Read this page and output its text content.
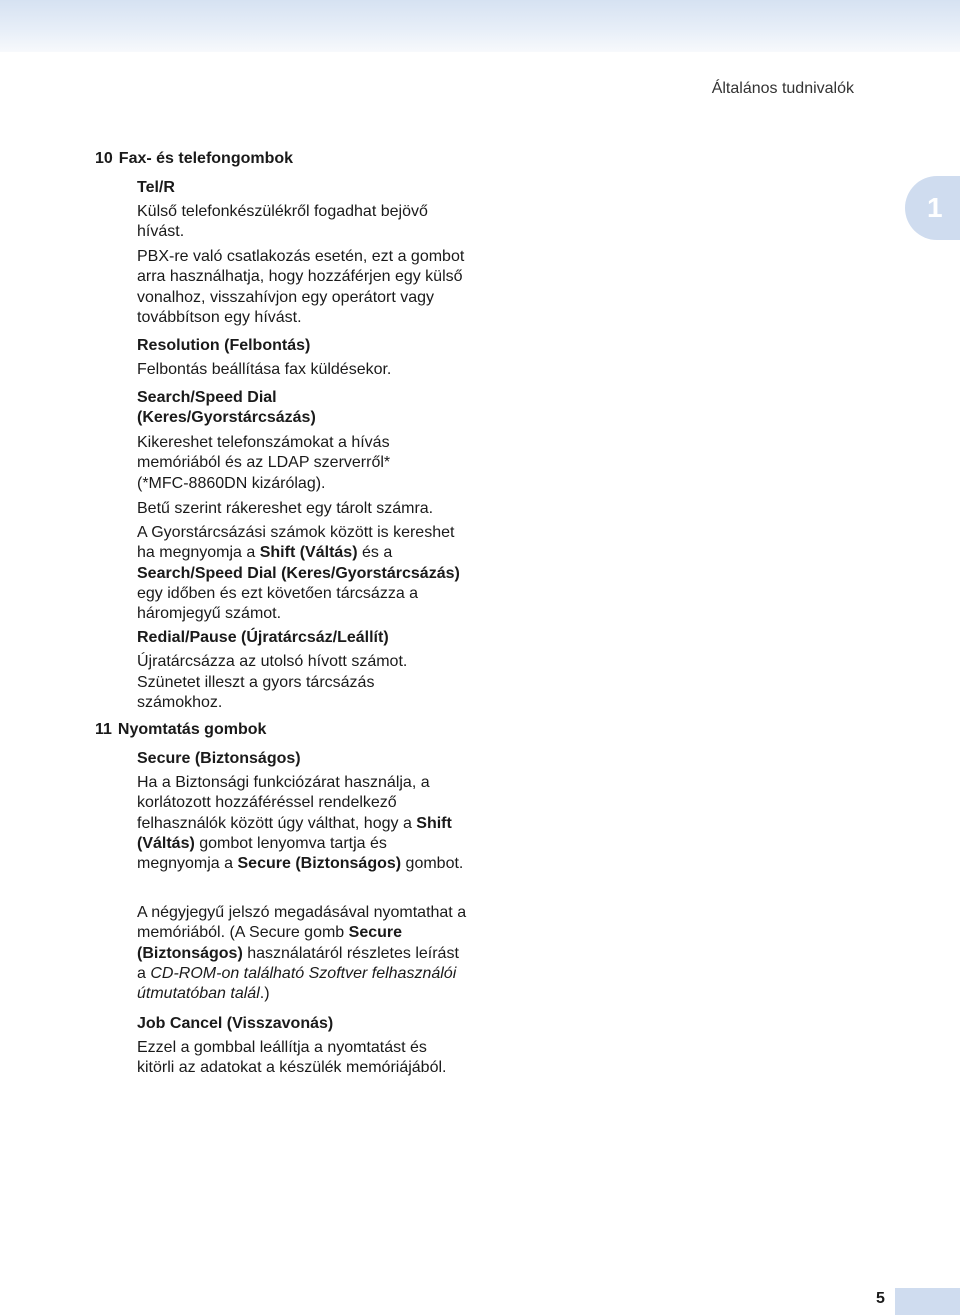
Általános tudnivalók
1
10 Fax- és telefongombok
Tel/R
Külső telefonkészülékről fogadhat bejövő hívást.
PBX-re való csatlakozás esetén, ezt a gombot arra használhatja, hogy hozzáférjen egy külső vonalhoz, visszahívjon egy operátort vagy továbbítson egy hívást.
Resolution (Felbontás)
Felbontás beállítása fax küldésekor.
Search/Speed Dial (Keres/Gyorstárcsázás)
Kikereshet telefonszámokat a hívás memóriából és az LDAP szerverről* (*MFC-8860DN kizárólag).
Betű szerint rákereshet egy tárolt számra.
A Gyorstárcsázási számok között is kereshet ha megnyomja a Shift (Váltás) és a Search/Speed Dial (Keres/Gyorstárcsázás) egy időben és ezt követően tárcsázza a háromjegyű számot.
Redial/Pause (Újratárcsáz/Leállít)
Újratárcsázza az utolsó hívott számot.
Szünetet illeszt a gyors tárcsázás számokhoz.
11 Nyomtatás gombok
Secure (Biztonságos)
Ha a Biztonsági funkciózárat használja, a korlátozott hozzáféréssel rendelkező felhasználók között úgy válthat, hogy a Shift (Váltás) gombot lenyomva tartja és megnyomja a Secure (Biztonságos) gombot.
A négyjegyű jelszó megadásával nyomtathat a memóriából. (A Secure gomb Secure (Biztonságos) használatáról részletes leírást a CD-ROM-on található Szoftver felhasználói útmutatóban talál.)
Job Cancel (Visszavonás)
Ezzel a gombbal leállítja a nyomtatást és kitörli az adatokat a készülék memóriájából.
5
